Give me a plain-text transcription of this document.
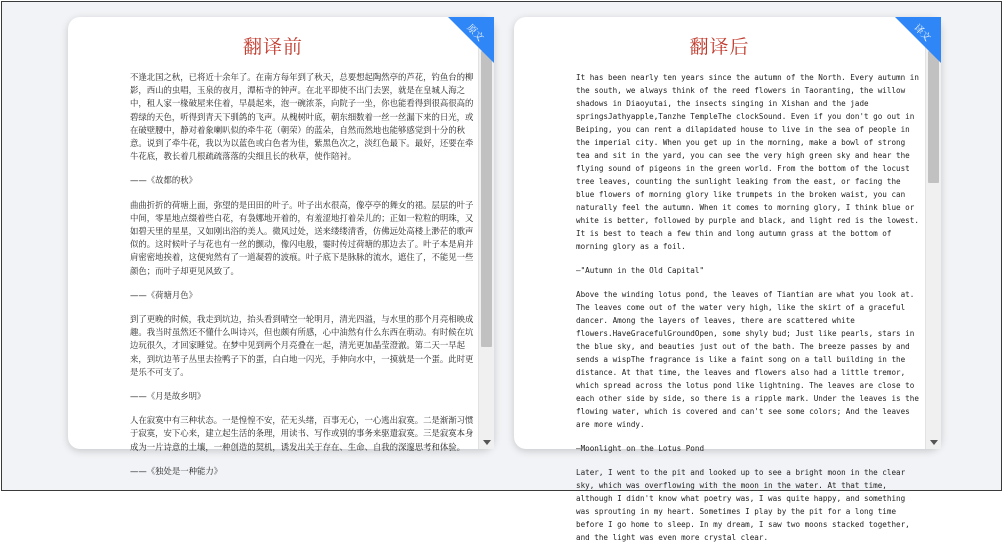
翻译前

不逢北国之秋，已将近十余年了。在南方每年到了秋天，总要想起陶然亭的芦花，钓鱼台的柳影，西山的虫唱，玉泉的夜月，潭柘寺的钟声。在北平即使不出门去罢，就是在皇城人海之中，租人家一椽破屋来住着，早晨起来，泡一碗浓茶，向院子一坐，你也能看得到很高很高的碧绿的天色，听得到青天下驯鸽的飞声。从槐树叶底，朝东细数着一丝一丝漏下来的日光，或在破壁腰中，静对着象喇叭似的牵牛花（朝荣）的蓝朵，自然而然地也能够感觉到十分的秋意。说到了牵牛花，我以为以蓝色或白色者为佳，紫黑色次之，淡红色最下。最好，还要在牵牛花底，教长着几根疏疏落落的尖细且长的秋草，使作陪衬。

——《故都的秋》

曲曲折折的荷塘上面，弥望的是田田的叶子。叶子出水很高，像亭亭的舞女的裙。层层的叶子中间，零星地点缀着些白花，有袅娜地开着的，有羞涩地打着朵儿的；正如一粒粒的明珠，又如碧天里的星星，又如刚出浴的美人。微风过处，送来缕缕清香，仿佛远处高楼上渺茫的歌声似的。这时候叶子与花也有一丝的颤动，像闪电般，霎时传过荷塘的那边去了。叶子本是肩并肩密密地挨着，这便宛然有了一道凝碧的波痕。叶子底下是脉脉的流水，遮住了，不能见一些颜色；而叶子却更见风致了。

——《荷塘月色》

到了更晚的时候，我走到坑边，抬头看到晴空一轮明月，清光四溢，与水里的那个月亮相映成趣。我当时虽然还不懂什么叫诗兴，但也颇有所感，心中油然有什么东西在萌动。有时候在坑边玩很久，才回家睡觉。在梦中见到两个月亮叠在一起，清光更加晶莹澄澈。第二天一早起来，到坑边苇子丛里去捡鸭子下的蛋，白白地一闪光，手伸向水中，一摸就是一个蛋。此时更是乐不可支了。

——《月是故乡明》

人在寂寞中有三种状态。一是惶惶不安，茫无头绪，百事无心，一心逃出寂寞。二是渐渐习惯于寂寞，安下心来，建立起生活的条理，用读书、写作或别的事务来驱遣寂寞。三是寂寞本身成为一片诗意的土壤，一种创造的契机，诱发出关于存在、生命、自我的深邃思考和体验。

——《独处是一种能力》

原文
翻译后

It has been nearly ten years since the autumn of the North. Every autumn in the south, we always think of the reed flowers in Taoranting, the willow shadows in Diaoyutai, the insects singing in Xishan and the jade springsJathyapple,Tanzhe TempleThe clockSound. Even if you don't go out in Beiping, you can rent a dilapidated house to live in the sea of people in the imperial city. When you get up in the morning, make a bowl of strong tea and sit in the yard, you can see the very high green sky and hear the flying sound of pigeons in the green world. From the bottom of the locust tree leaves, counting the sunlight leaking from the east, or facing the blue flowers of morning glory like trumpets in the broken waist, you can naturally feel the autumn. When it comes to morning glory, I think blue or white is better, followed by purple and black, and light red is the lowest. It is best to teach a few thin and long autumn grass at the bottom of morning glory as a foil.

—"Autumn in the Old Capital"

Above the winding lotus pond, the leaves of Tiantian are what you look at. The leaves come out of the water very high, like the skirt of a graceful dancer. Among the layers of leaves, there are scattered white flowers.HaveGracefulGroundOpen, some shyly bud; Just like pearls, stars in the blue sky, and beauties just out of the bath. The breeze passes by and sends a wispThe fragrance is like a faint song on a tall building in the distance. At that time, the leaves and flowers also had a little tremor, which spread across the lotus pond like lightning. The leaves are close to each other side by side, so there is a ripple mark. Under the leaves is the flowing water, which is covered and can't see some colors; And the leaves are more windy.

—Moonlight on the Lotus Pond

Later, I went to the pit and looked up to see a bright moon in the clear sky, which was overflowing with the moon in the water. At that time, although I didn't know what poetry was, I was quite happy, and something was sprouting in my heart. Sometimes I play by the pit for a long time before I go home to sleep. In my dream, I saw two moons stacked together, and the light was even more crystal clear.

译文
